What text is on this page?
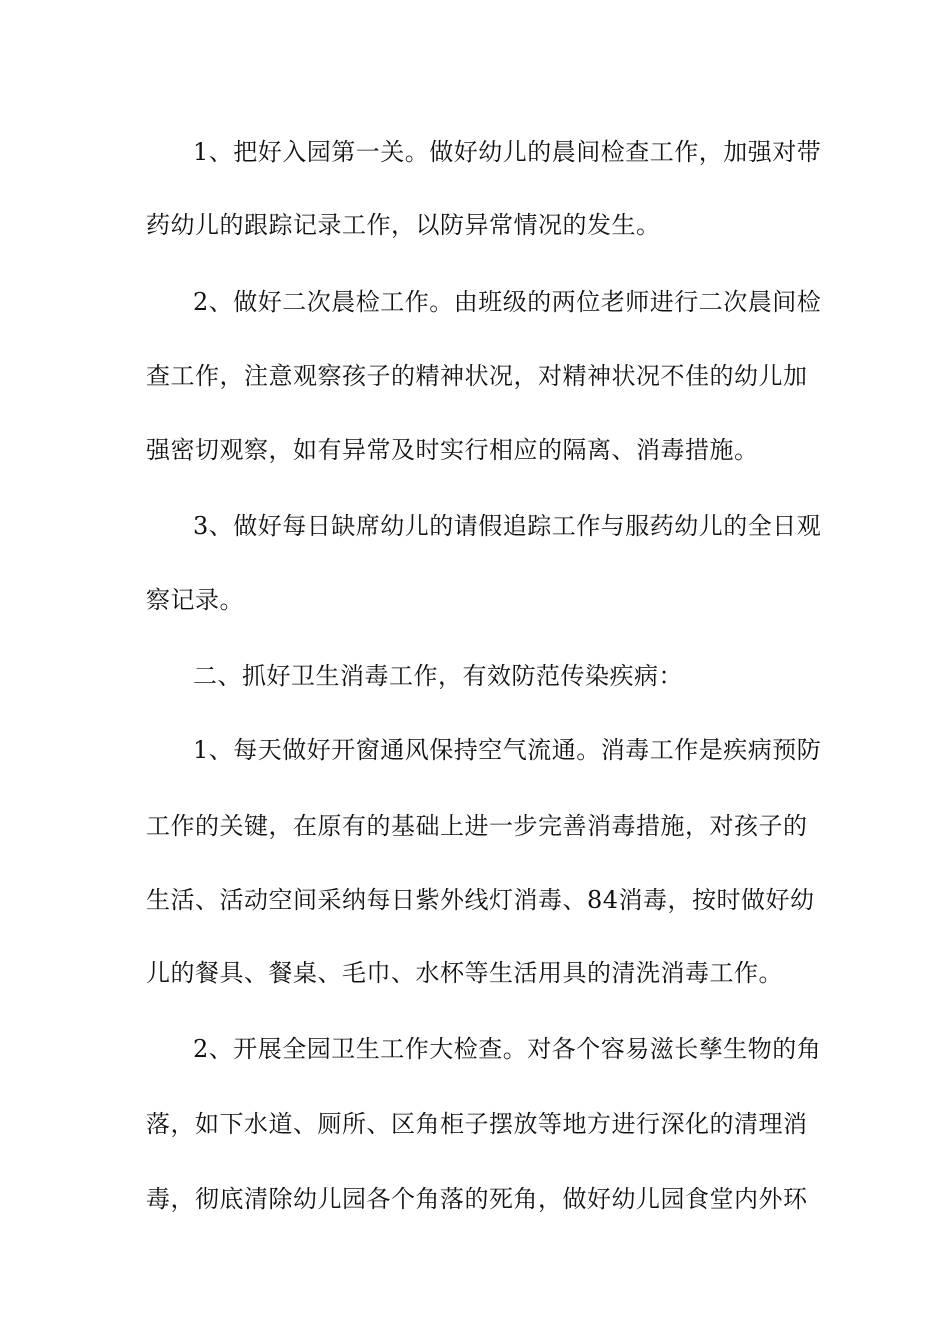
1、把好入园第一关。做好幼儿的晨间检查工作，加强对带
药幼儿的跟踪记录工作，以防异常情况的发生。
2、做好二次晨检工作。由班级的两位老师进行二次晨间检
查工作，注意观察孩子的精神状况，对精神状况不佳的幼儿加
强密切观察，如有异常及时实行相应的隔离、消毒措施。
3、做好每日缺席幼儿的请假追踪工作与服药幼儿的全日观
察记录。
二、抓好卫生消毒工作，有效防范传染疾病：
1、每天做好开窗通风保持空气流通。消毒工作是疾病预防
工作的关键，在原有的基础上进一步完善消毒措施，对孩子的
生活、活动空间采纳每日紫外线灯消毒、84消毒，按时做好幼
儿的餐具、餐桌、毛巾、水杯等生活用具的清洗消毒工作。
2、开展全园卫生工作大检查。对各个容易滋长孳生物的角
落，如下水道、厕所、区角柜子摆放等地方进行深化的清理消
毒，彻底清除幼儿园各个角落的死角，做好幼儿园食堂内外环
